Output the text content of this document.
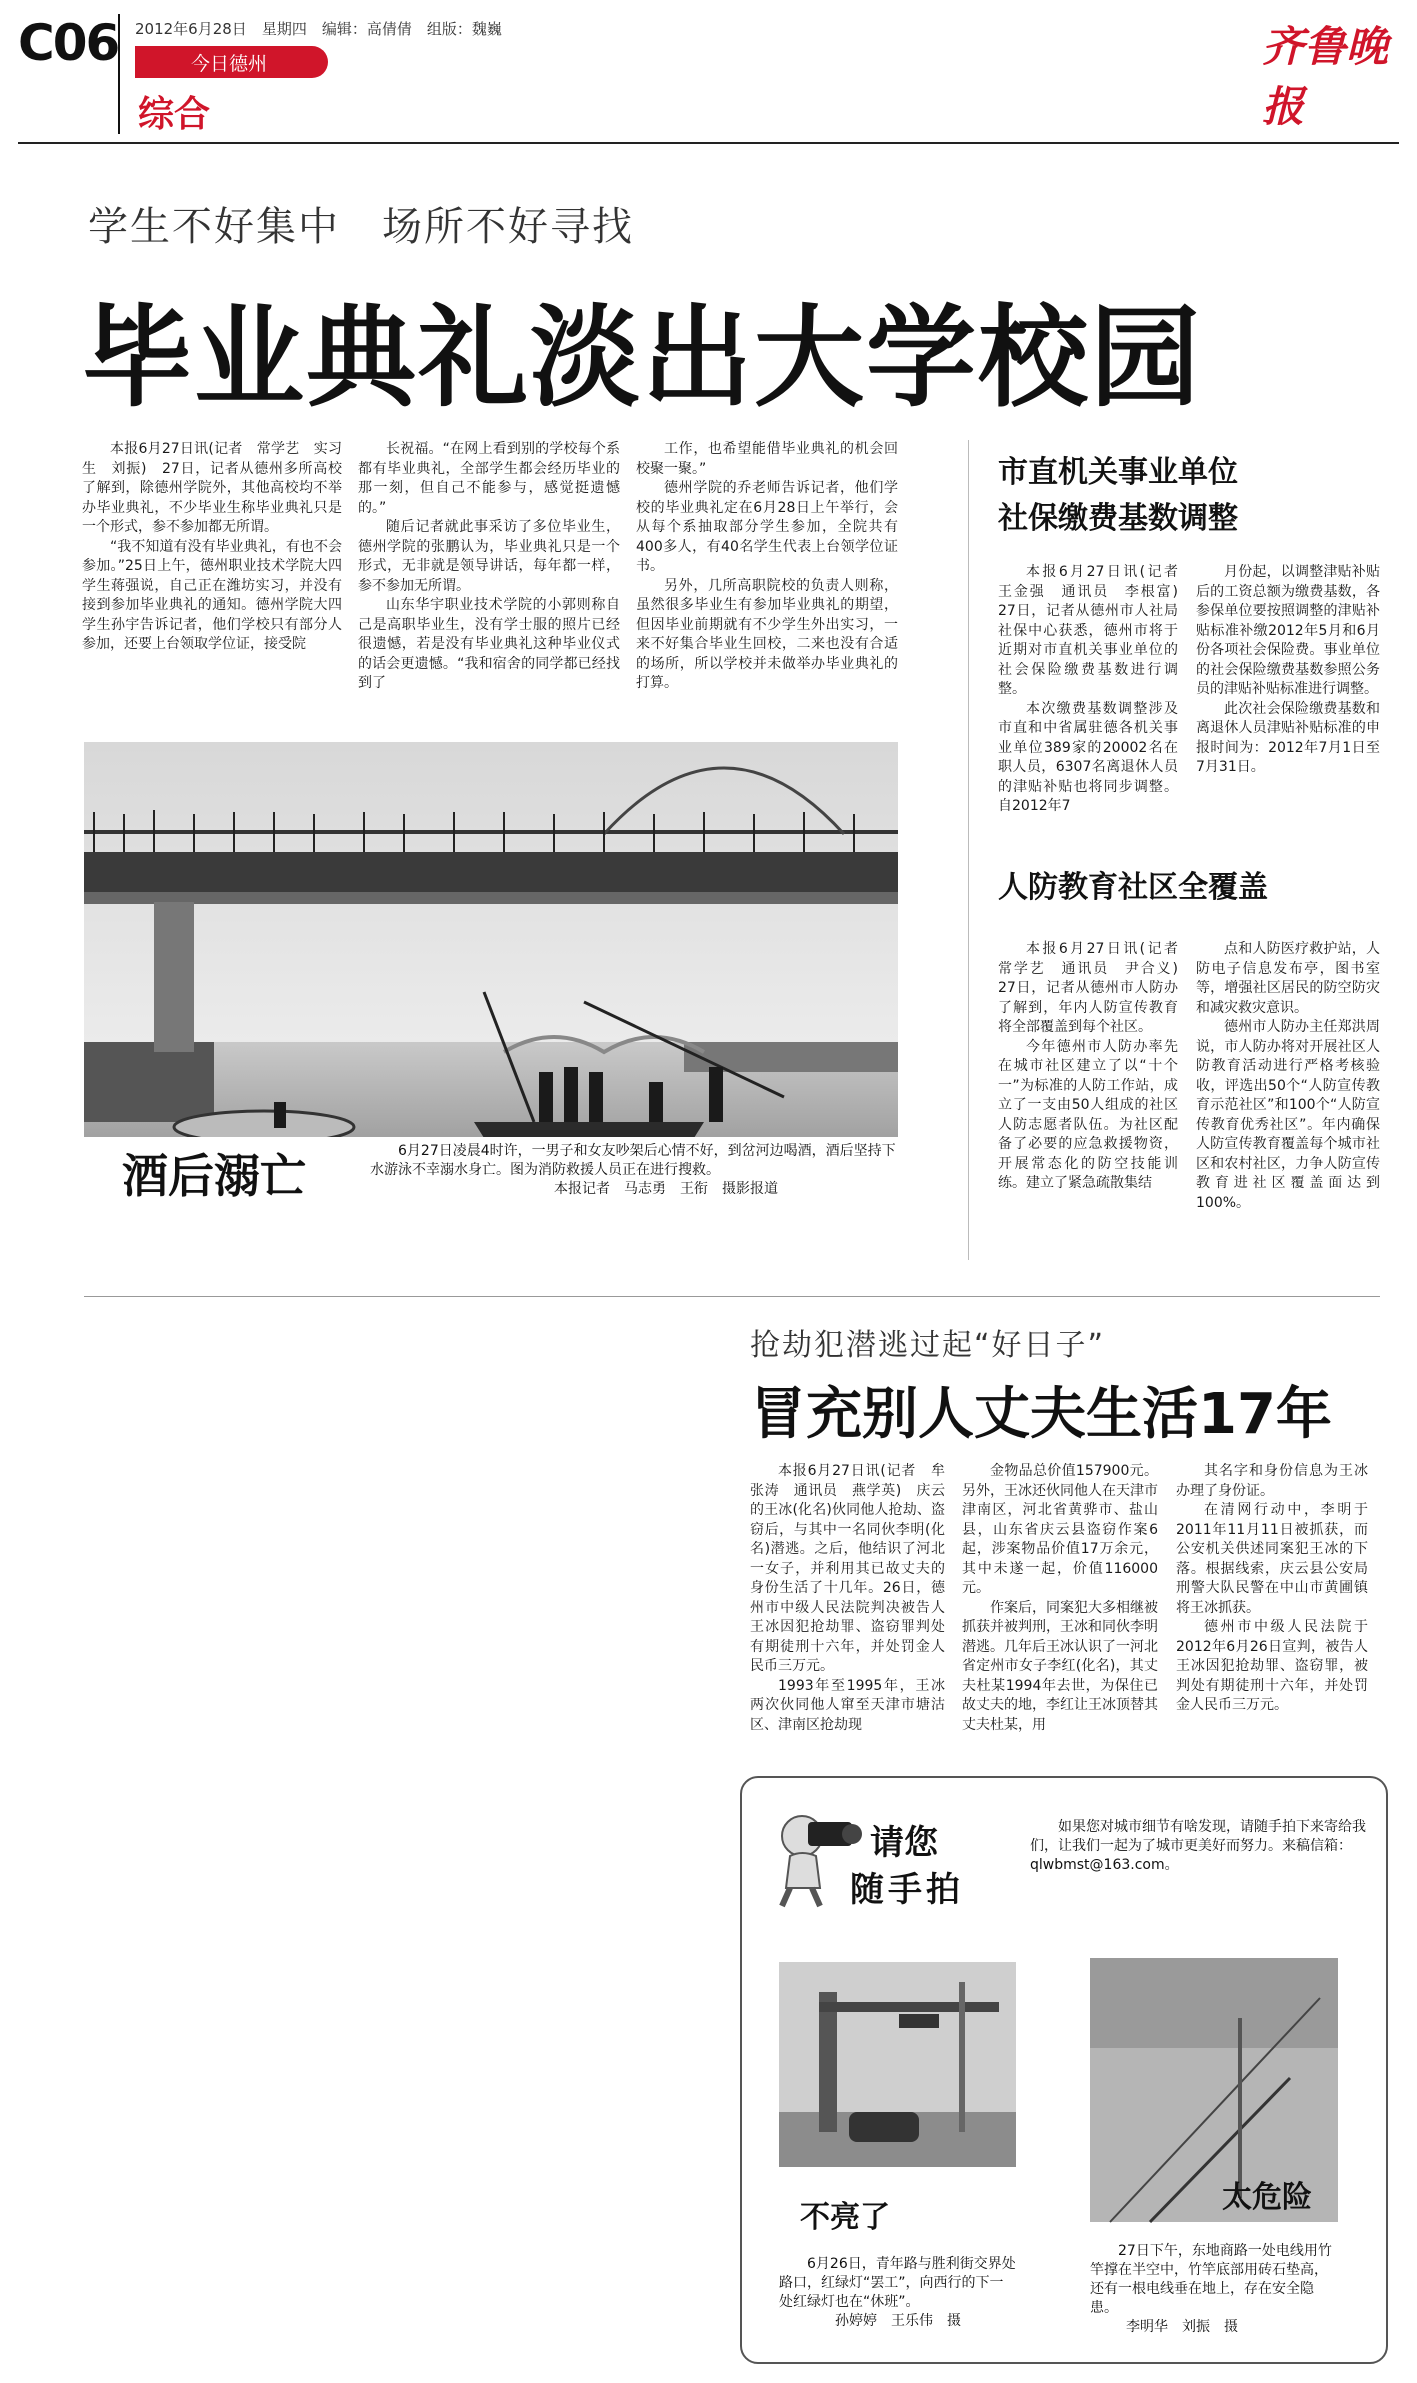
C06 2012年6月28日　 星期四　 编辑：高倩倩　 组版：魏巍
今日德州
综合
齐鲁晚报
学生不好集中　场所不好寻找
毕业典礼淡出大学校园

本报6月27日讯(记者　常学艺　实习生　刘振)　27日，记者从德州多所高校了解到，除德州学院外，其他高校均不举办毕业典礼，不少毕业生称毕业典礼只是一个形式，参不参加都无所谓。

“我不知道有没有毕业典礼，有也不会参加。”25日上午，德州职业技术学院大四学生蒋强说，自己正在潍坊实习，并没有接到参加毕业典礼的通知。德州学院大四学生孙宇告诉记者，他们学校只有部分人参加，还要上台领取学位证，接受院

长祝福。“在网上看到别的学校每个系都有毕业典礼，全部学生都会经历毕业的那一刻，但自己不能参与，感觉挺遗憾的。”

随后记者就此事采访了多位毕业生，德州学院的张鹏认为，毕业典礼只是一个形式，无非就是领导讲话，每年都一样，参不参加无所谓。

山东华宇职业技术学院的小郭则称自己是高职毕业生，没有学士服的照片已经很遗憾，若是没有毕业典礼这种毕业仪式的话会更遗憾。“我和宿舍的同学都已经找到了

工作，也希望能借毕业典礼的机会回校聚一聚。”

德州学院的乔老师告诉记者，他们学校的毕业典礼定在6月28日上午举行，会从每个系抽取部分学生参加，全院共有400多人，有40名学生代表上台领学位证书。

另外，几所高职院校的负责人则称，虽然很多毕业生有参加毕业典礼的期望，但因毕业前期就有不少学生外出实习，一来不好集合毕业生回校，二来也没有合适的场所，所以学校并未做举办毕业典礼的打算。

酒后溺亡	6月27日凌晨4时许，一男子和女友吵架后心情不好，到岔河边喝酒，酒后坚持下水游泳不幸溺水身亡。图为消防救援人员正在进行搜救。
本报记者　马志勇　王衔　摄影报道
市直机关事业单位
社保缴费基数调整

本报6月27日讯(记者　王金强　通讯员　李根富)　27日，记者从德州市人社局社保中心获悉，德州市将于近期对市直机关事业单位的社会保险缴费基数进行调整。

本次缴费基数调整涉及市直和中省属驻德各机关事业单位389家的20002名在职人员，6307名离退休人员的津贴补贴也将同步调整。自2012年7

月份起，以调整津贴补贴后的工资总额为缴费基数，各参保单位要按照调整的津贴补贴标准补缴2012年5月和6月份各项社会保险费。事业单位的社会保险缴费基数参照公务员的津贴补贴标准进行调整。

此次社会保险缴费基数和离退休人员津贴补贴标准的申报时间为：2012年7月1日至7月31日。

人防教育社区全覆盖

本报6月27日讯(记者　常学艺　通讯员　尹合义)　27日，记者从德州市人防办了解到，年内人防宣传教育将全部覆盖到每个社区。

今年德州市人防办率先在城市社区建立了以“十个一”为标准的人防工作站，成立了一支由50人组成的社区人防志愿者队伍。为社区配备了必要的应急救援物资，开展常态化的防空技能训练。建立了紧急疏散集结

点和人防医疗救护站，人防电子信息发布亭，图书室等，增强社区居民的防空防灾和减灾救灾意识。

德州市人防办主任郑洪周说，市人防办将对开展社区人防教育活动进行严格考核验收，评选出50个“人防宣传教育示范社区”和100个“人防宣传教育优秀社区”。年内确保人防宣传教育覆盖每个城市社区和农村社区，力争人防宣传教育进社区覆盖面达到100%。

抢劫犯潜逃过起“好日子”
冒充别人丈夫生活17年

本报6月27日讯(记者　牟张涛　通讯员　燕学英)　庆云的王冰(化名)伙同他人抢劫、盗窃后，与其中一名同伙李明(化名)潜逃。之后，他结识了河北一女子，并利用其已故丈夫的身份生活了十几年。26日，德州市中级人民法院判决被告人王冰因犯抢劫罪、盗窃罪判处有期徒刑十六年，并处罚金人民币三万元。

1993年至1995年，王冰两次伙同他人窜至天津市塘沽区、津南区抢劫现

金物品总价值157900元。另外，王冰还伙同他人在天津市津南区，河北省黄骅市、盐山县，山东省庆云县盗窃作案6起，涉案物品价值17万余元，其中未遂一起，价值116000元。

作案后，同案犯大多相继被抓获并被判刑，王冰和同伙李明潜逃。几年后王冰认识了一河北省定州市女子李红(化名)，其丈夫杜某1994年去世，为保住已故丈夫的地，李红让王冰顶替其丈夫杜某，用

其名字和身份信息为王冰办理了身份证。

在清网行动中，李明于2011年11月11日被抓获，而公安机关供述同案犯王冰的下落。根据线索，庆云县公安局刑警大队民警在中山市黄圃镇将王冰抓获。

德州市中级人民法院于2012年6月26日宣判，被告人王冰因犯抢劫罪、盗窃罪，被判处有期徒刑十六年，并处罚金人民币三万元。

请您
随手拍
如果您对城市细节有啥发现，请随手拍下来寄给我们，让我们一起为了城市更美好而努力。来稿信箱：qlwbmst@163.com。
不亮了
6月26日，青年路与胜利街交界处路口，红绿灯“罢工”，向西行的下一处红绿灯也在“休班”。
孙婷婷　王乐伟　摄
太危险
27日下午，东地商路一处电线用竹竿撑在半空中，竹竿底部用砖石垫高，还有一根电线垂在地上，存在安全隐患。
李明华　刘振　摄
